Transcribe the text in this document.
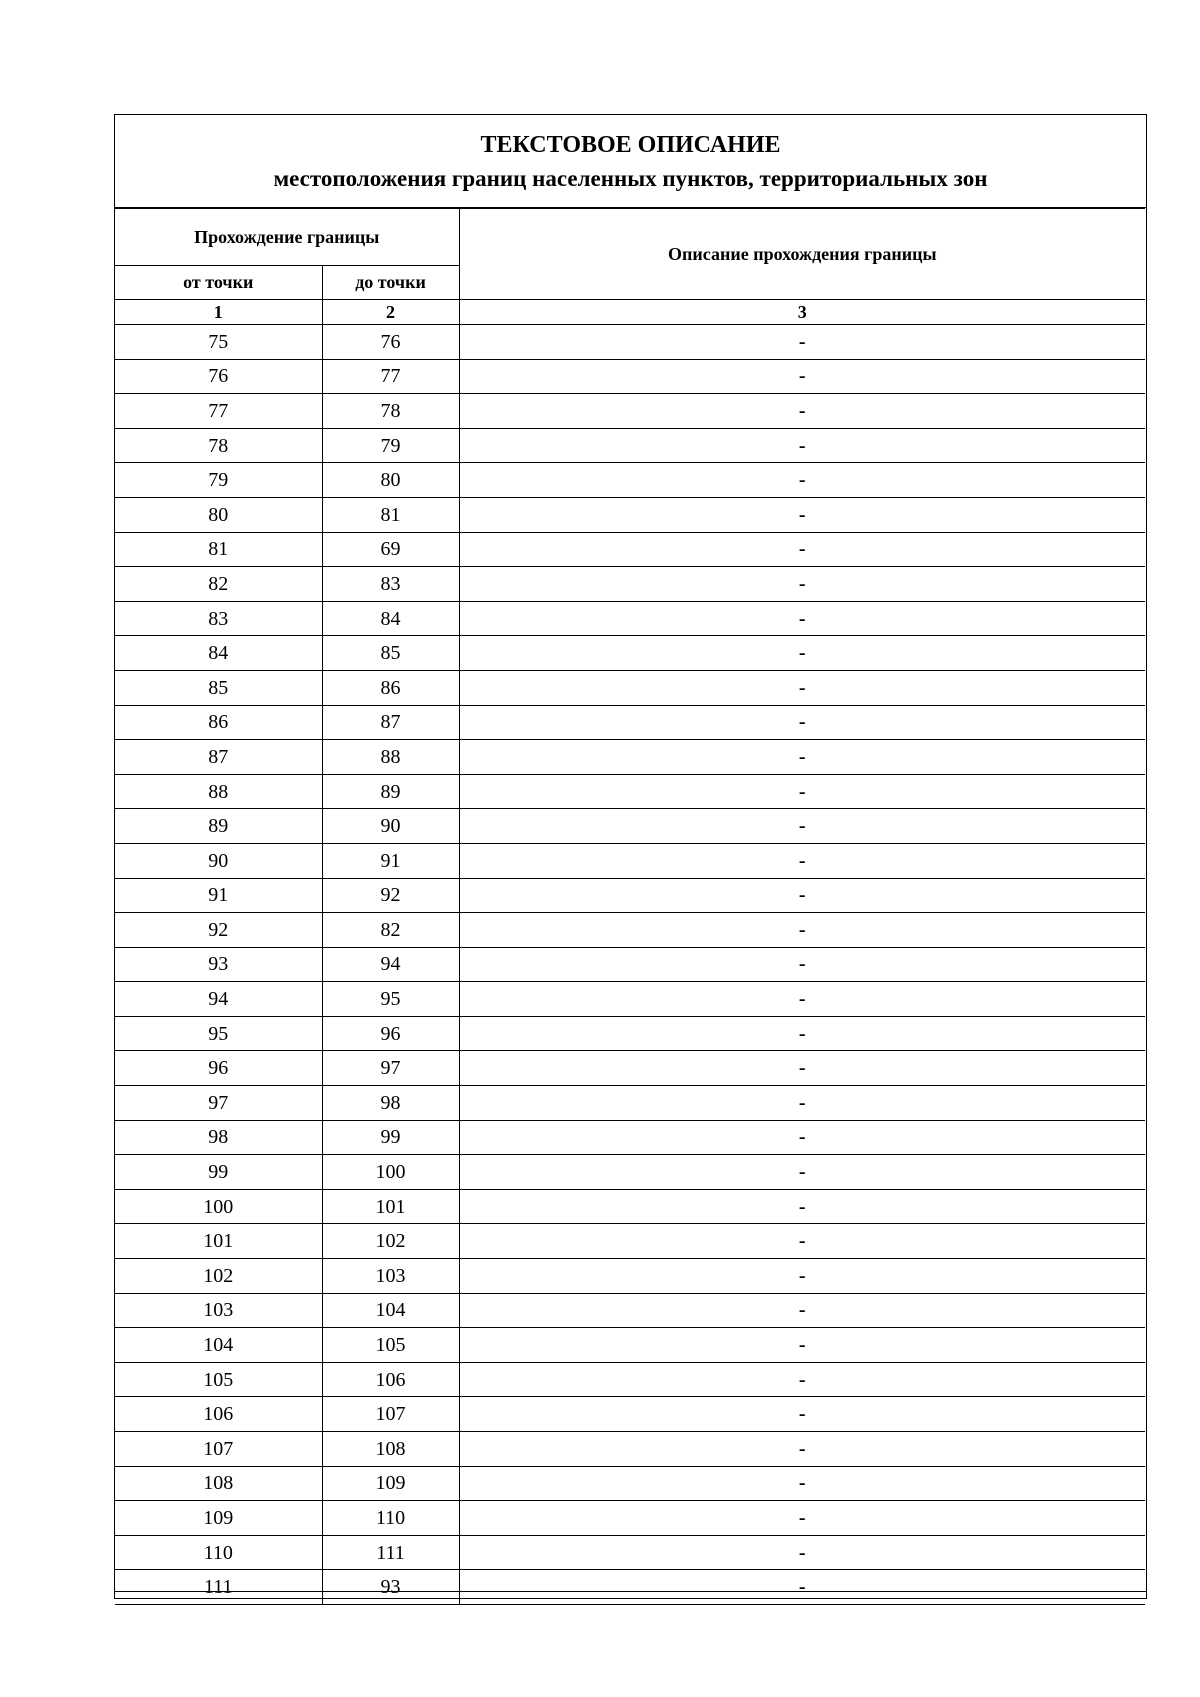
ТЕКСТОВОЕ ОПИСАНИЕ
местоположения границ населенных пунктов, территориальных зон
Прохождение границы		Описание прохождения границы
от точки	до точки	
1	2	3
75	76	-
76	77	-
77	78	-
78	79	-
79	80	-
80	81	-
81	69	-
82	83	-
83	84	-
84	85	-
85	86	-
86	87	-
87	88	-
88	89	-
89	90	-
90	91	-
91	92	-
92	82	-
93	94	-
94	95	-
95	96	-
96	97	-
97	98	-
98	99	-
99	100	-
100	101	-
101	102	-
102	103	-
103	104	-
104	105	-
105	106	-
106	107	-
107	108	-
108	109	-
109	110	-
110	111	-
111	93	-
